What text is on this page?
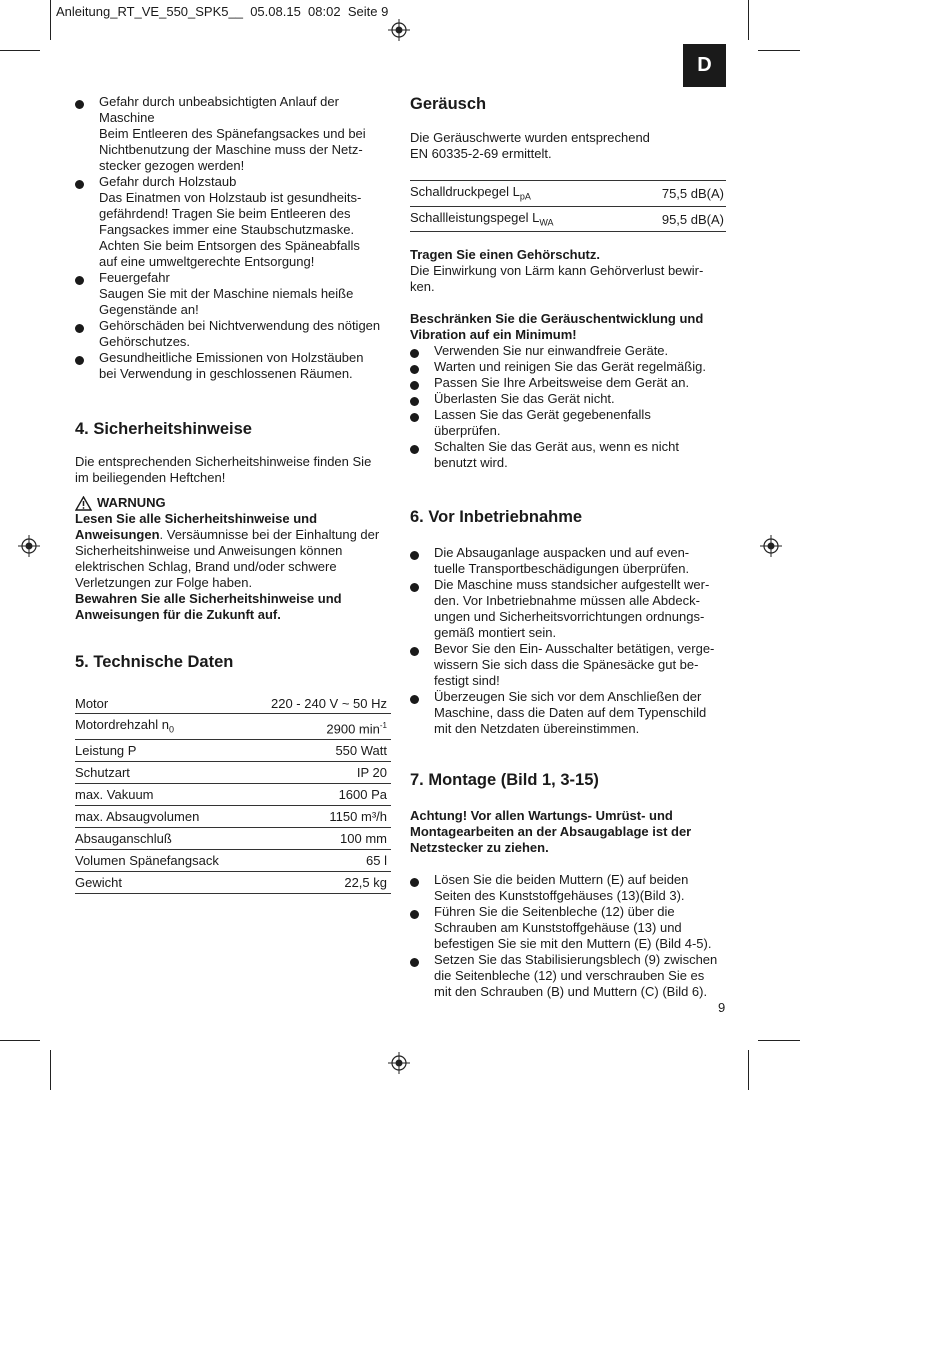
Anleitung_RT_VE_550_SPK5__ 05.08.15 08:02 Seite 9
D
Gefahr durch unbeabsichtigten Anlauf der
Maschine
Beim Entleeren des Spänefangsackes und bei
Nichtbenutzung der Maschine muss der Netz-
stecker gezogen werden!
Gefahr durch Holzstaub
Das Einatmen von Holzstaub ist gesundheits-
gefährdend! Tragen Sie beim Entleeren des
Fangsackes immer eine Staubschutzmaske.
Achten Sie beim Entsorgen des Späneabfalls
auf eine umweltgerechte Entsorgung!
Feuergefahr
Saugen Sie mit der Maschine niemals heiße
Gegenstände an!
Gehörschäden bei Nichtverwendung des nötigen
Gehörschutzes.
Gesundheitliche Emissionen von Holzstäuben
bei Verwendung in geschlossenen Räumen.
4. Sicherheitshinweise

Die entsprechenden Sicherheitshinweise finden Sie
im beiliegenden Heftchen!

WARNUNG

Lesen Sie alle Sicherheitshinweise und
Anweisungen. Versäumnisse bei der Einhaltung der
Sicherheitshinweise und Anweisungen können
elektrischen Schlag, Brand und/oder schwere
Verletzungen zur Folge haben.
Bewahren Sie alle Sicherheitshinweise und
Anweisungen für die Zukunft auf.

5. Technische Daten
Motor	220 - 240 V ~ 50 Hz
Motordrehzahl $n_0$	2900 $\min^{-1}$
Leistung P	550 Watt
Schutzart	IP 20
max. Vakuum	1600 Pa
max. Absaugvolumen	1150 m³/h
Absauganschluß	100 mm
Volumen Spänefangsack	65 l
Gewicht	22,5 kg
Geräusch

Die Geräuschwerte wurden entsprechend
EN 60335-2-69 ermittelt.

Schalldruckpegel $L_{pA}$	75,5 dB(A)
Schallleistungspegel $L_{WA}$	95,5 dB(A)

Tragen Sie einen Gehörschutz.
Die Einwirkung von Lärm kann Gehörverlust bewir-
ken.

Beschränken Sie die Geräuschentwicklung und
Vibration auf ein Minimum!

Verwenden Sie nur einwandfreie Geräte.
Warten und reinigen Sie das Gerät regelmäßig.
Passen Sie Ihre Arbeitsweise dem Gerät an.
Überlasten Sie das Gerät nicht.
Lassen Sie das Gerät gegebenenfalls
überprüfen.
Schalten Sie das Gerät aus, wenn es nicht
benutzt wird.
6. Vor Inbetriebnahme
Die Absauganlage auspacken und auf even-
tuelle Transportbeschädigungen überprüfen.
Die Maschine muss standsicher aufgestellt wer-
den. Vor Inbetriebnahme müssen alle Abdeck-
ungen und Sicherheitsvorrichtungen ordnungs-
gemäß montiert sein.
Bevor Sie den Ein- Ausschalter betätigen, verge-
wissern Sie sich dass die Spänesäcke gut be-
festigt sind!
Überzeugen Sie sich vor dem Anschließen der
Maschine, dass die Daten auf dem Typenschild
mit den Netzdaten übereinstimmen.
7. Montage (Bild 1, 3-15)

Achtung! Vor allen Wartungs- Umrüst- und
Montagearbeiten an der Absaugablage ist der
Netzstecker zu ziehen.

Lösen Sie die beiden Muttern (E) auf beiden
Seiten des Kunststoffgehäuses (13)(Bild 3).
Führen Sie die Seitenbleche (12) über die
Schrauben am Kunststoffgehäuse (13) und
befestigen Sie sie mit den Muttern (E) (Bild 4-5).
Setzen Sie das Stabilisierungsblech (9) zwischen
die Seitenbleche (12) und verschrauben Sie es
mit den Schrauben (B) und Muttern (C) (Bild 6).
9
